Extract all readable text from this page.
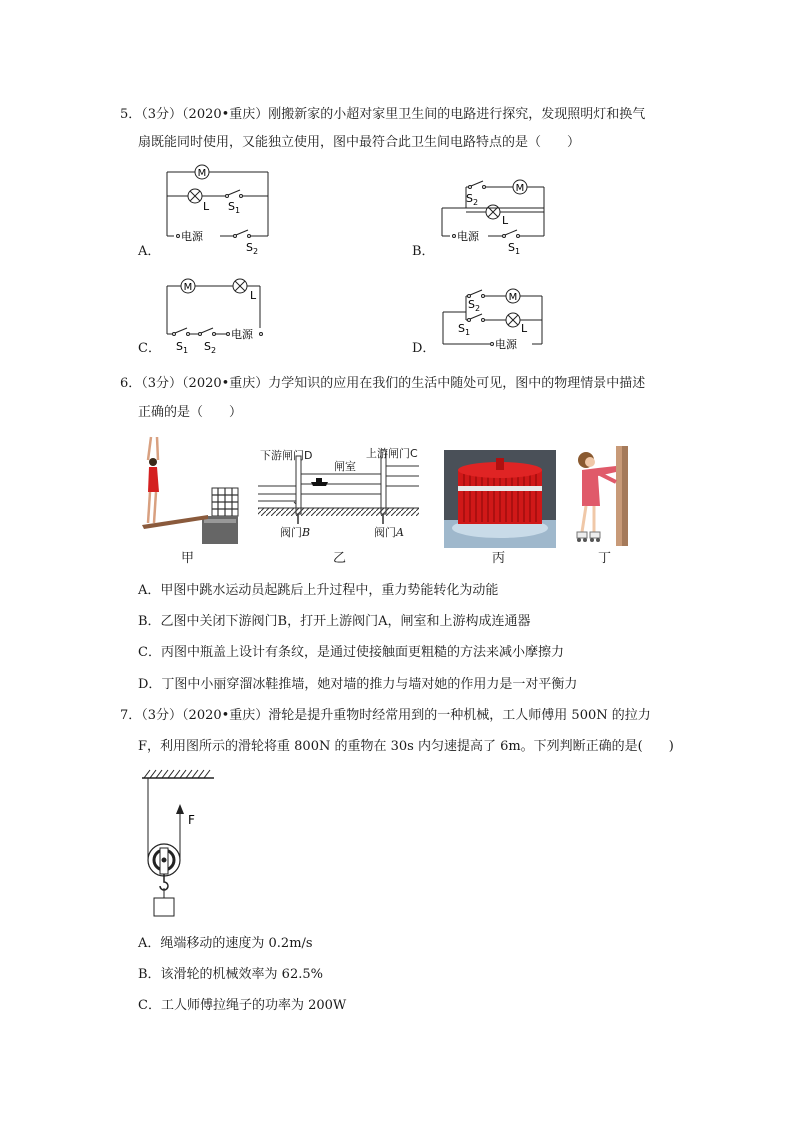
5．（3分）（2020•重庆）刚搬新家的小超对家里卫生间的电路进行探究，发现照明灯和换气
扇既能同时使用，又能独立使用，图中最符合此卫生间电路特点的是（　　）
A．
M
L $S_1$
电源
$S_2$	B．
M
$S_2$
L
电源
$S_1$
C．
M
L
电源
$S_1$ $S_2$	D．
M
$S_2$
$S_1$	L
电源
6．（3分）（2020•重庆）力学知识的应用在我们的生活中随处可见，图中的物理情景中描述
正确的是（　　）
甲
下游闸门D
闸室
上游闸门C
阀门B	阀门A
乙	丙	丁
A．甲图中跳水运动员起跳后上升过程中，重力势能转化为动能
B．乙图中关闭下游阀门B，打开上游阀门A，闸室和上游构成连通器
C．丙图中瓶盖上设计有条纹，是通过使接触面更粗糙的方法来减小摩擦力
D．丁图中小丽穿溜冰鞋推墙，她对墙的推力与墙对她的作用力是一对平衡力
7．（3分）（2020•重庆）滑轮是提升重物时经常用到的一种机械，工人师傅用 500N 的拉力
F，利用图所示的滑轮将重 800N 的重物在 30s 内匀速提高了 6m。下列判断正确的是(　　)
F
A．绳端移动的速度为 0.2m/s
B．该滑轮的机械效率为 62.5%
C．工人师傅拉绳子的功率为 200W
